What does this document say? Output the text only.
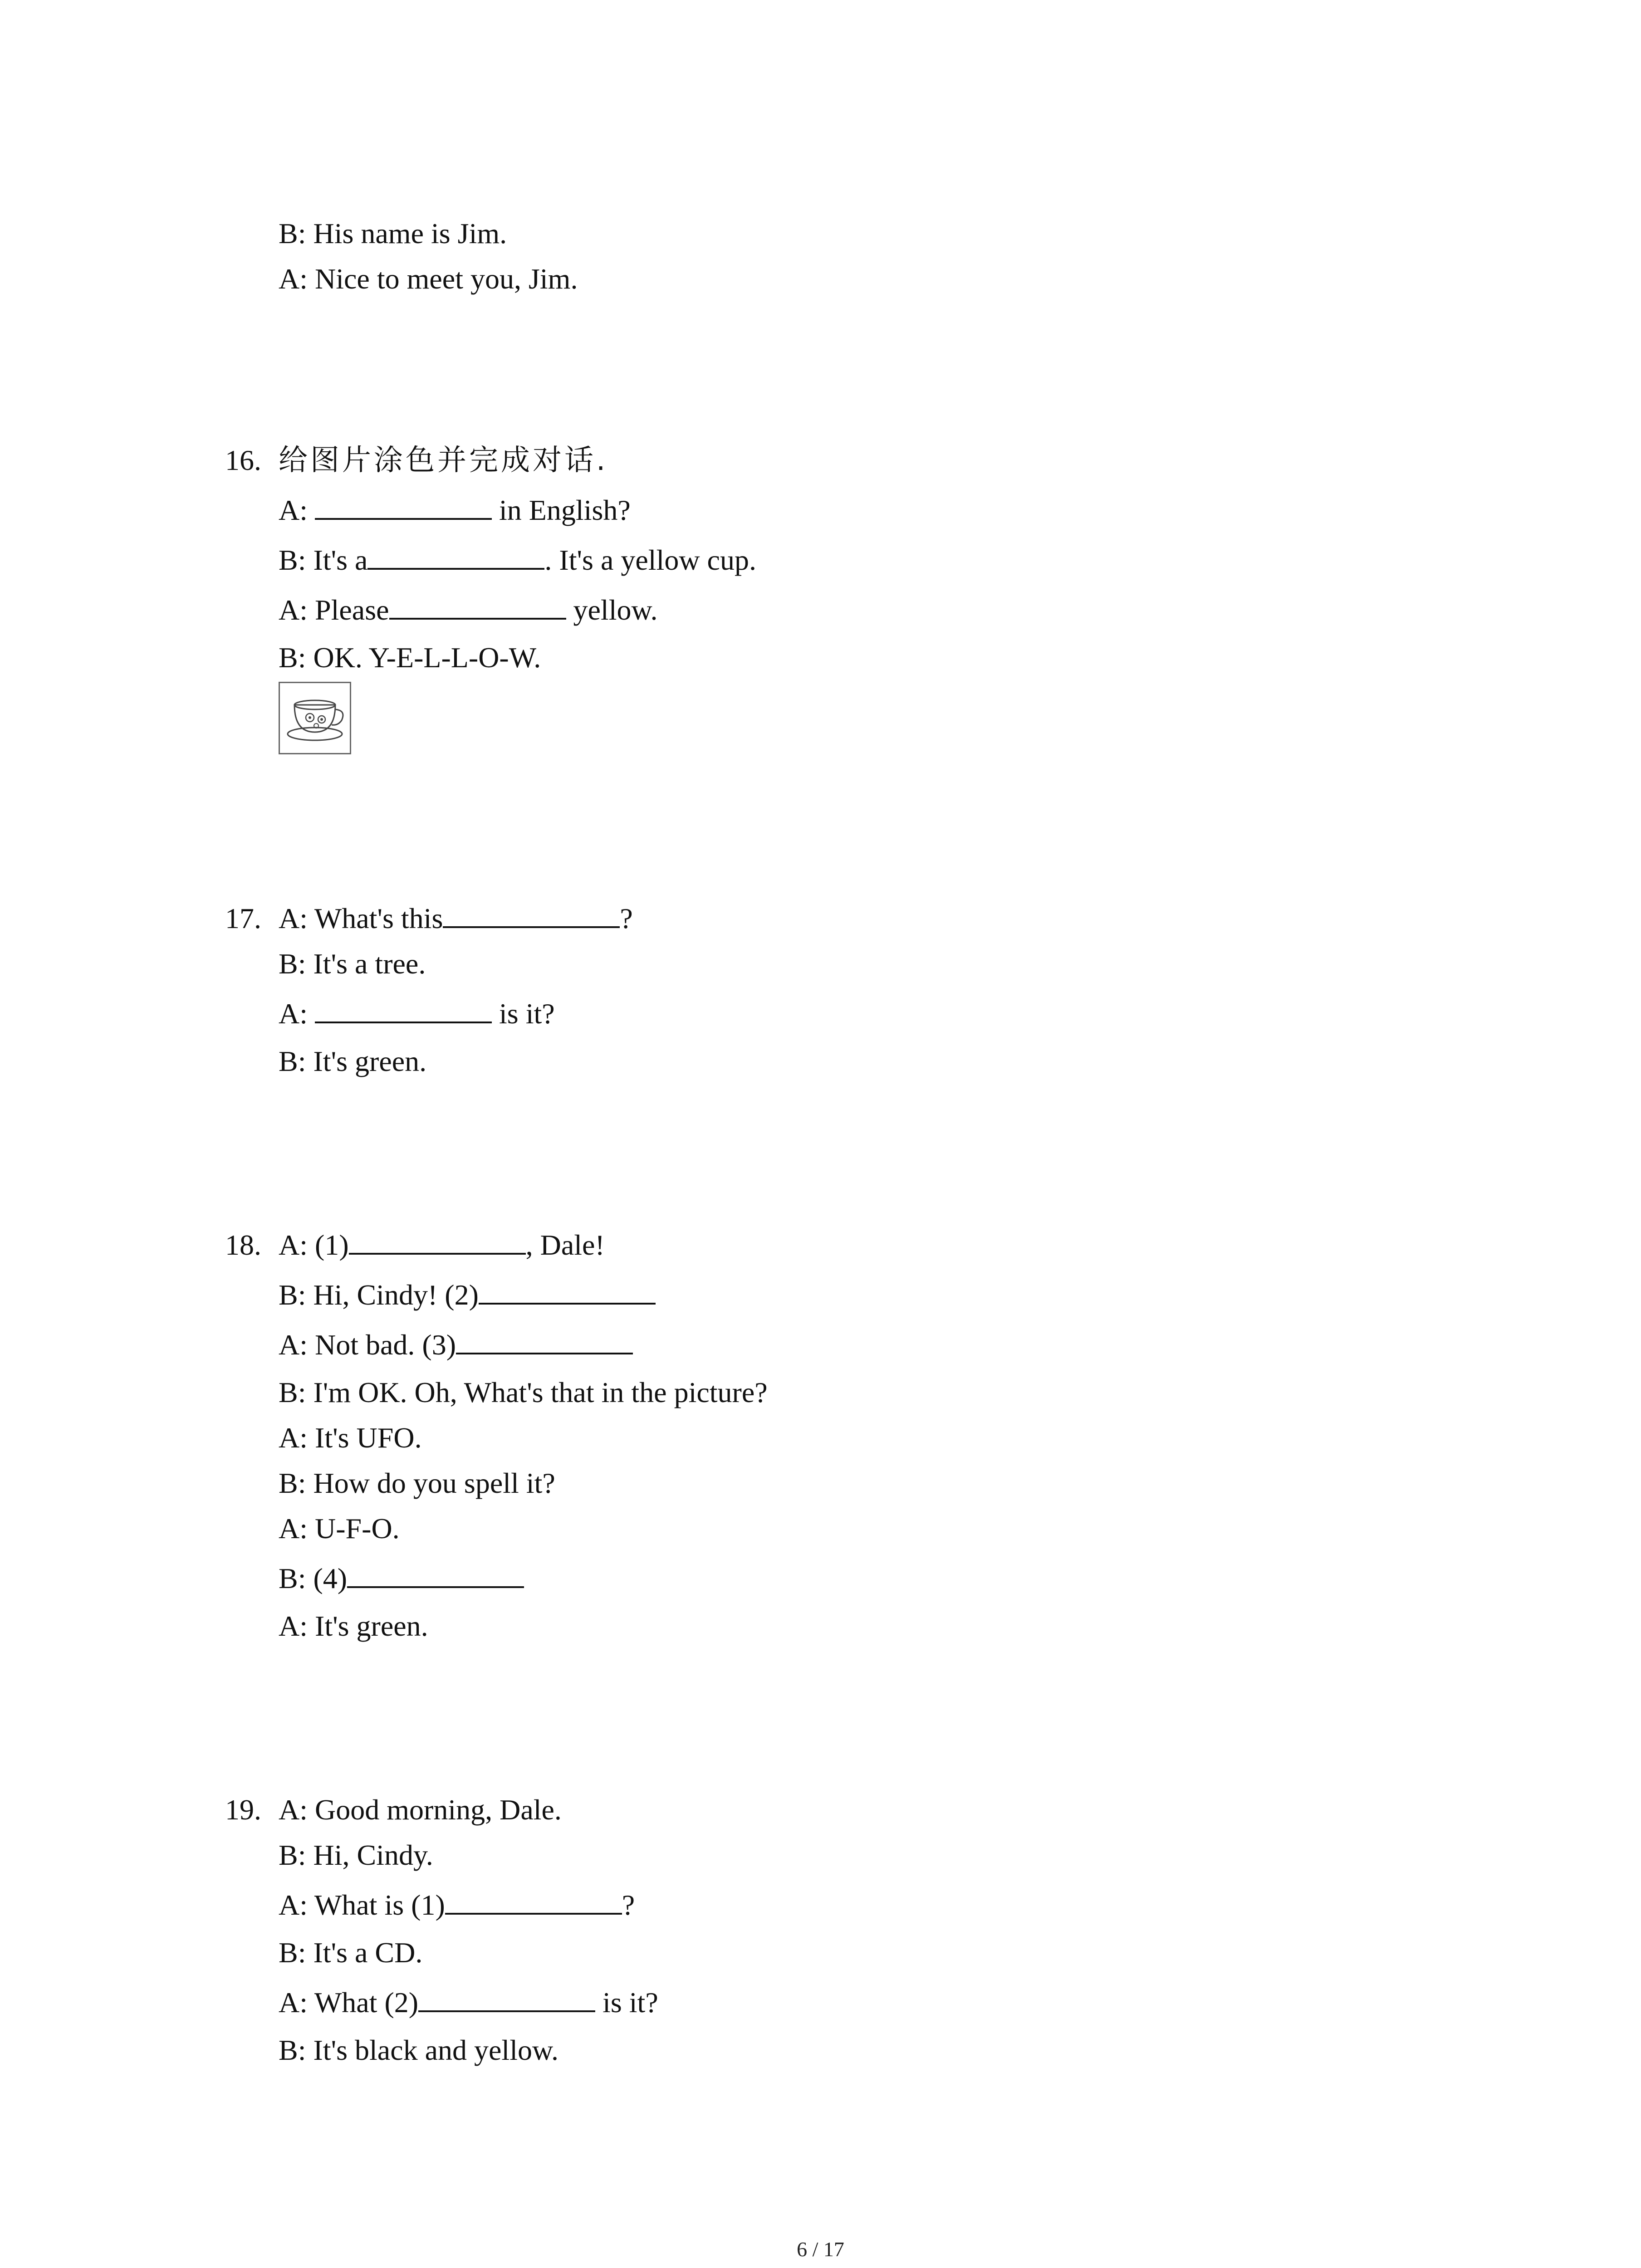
B: His name is Jim.
A: Nice to meet you, Jim.
16. 给图片涂色并完成对话.
A:	in English?
B: It's a	. It's a yellow cup.
A: Please	yellow.
B: OK. Y-E-L-L-O-W.
17. A: What's this	?
B: It's a tree.
A:	is it?
B: It's green.
18. A: (1)	, Dale!
B: Hi, Cindy! (2)
A: Not bad. (3)
B: I'm OK. Oh, What's that in the picture?
A: It's UFO.
B: How do you spell it?
A: U-F-O.
B: (4)
A: It's green.
19. A: Good morning, Dale.
B: Hi, Cindy.
A: What is (1)	?
B: It's a CD.
A: What (2)	is it?
B: It's black and yellow.
6 / 17
